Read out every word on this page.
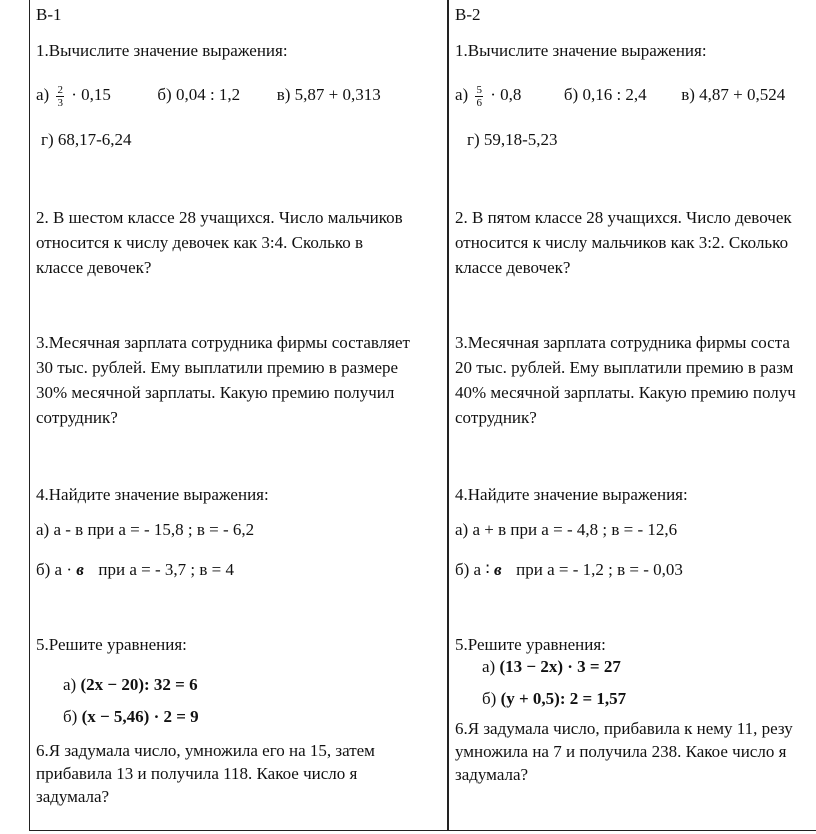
В-1
1.Вычислите значение выражения:
$а) \frac{2}{3} \cdot 0,15$	б) 0,04 : 1,2 в) 5,87 + 0,313
г) 68,17-6,24
2. В шестом классе 28 учащихся. Число мальчиков
относится к числу девочек как 3:4. Сколько в
классе девочек?
3.Месячная зарплата сотрудника фирмы составляет
30 тыс. рублей. Ему выплатили премию в размере
30% месячной зарплаты. Какую премию получил
сотрудник?
4.Найдите значение выражения:
а) а - в при а = - 15,8 ; в = - 6,2
б) а · в при а = - 3,7 ; в = 4
5.Решите уравнения:
а) (2х − 20): 32 = 6
б) (х − 5,46) · 2 = 9
6.Я задумала число, умножила его на 15, затем
прибавила 13 и получила 118. Какое число я
задумала?
В-2
1.Вычислите значение выражения:
$а) \frac{5}{6} \cdot 0,8$	б) 0,16 : 2,4 в) 4,87 + 0,524
г) 59,18-5,23
2. В пятом классе 28 учащихся. Число девочек
относится к числу мальчиков как 3:2. Сколько
классе девочек?
3.Месячная зарплата сотрудника фирмы соста
20 тыс. рублей. Ему выплатили премию в разм
40% месячной зарплаты. Какую премию получ
сотрудник?
4.Найдите значение выражения:
а) а + в при а = - 4,8 ; в = - 12,6
б) а ∶ в при а = - 1,2 ; в = - 0,03
5.Решите уравнения:
а) (13 − 2х) · 3 = 27
б) (у + 0,5): 2 = 1,57
6.Я задумала число, прибавила к нему 11, резу
умножила на 7 и получила 238. Какое число я
задумала?
